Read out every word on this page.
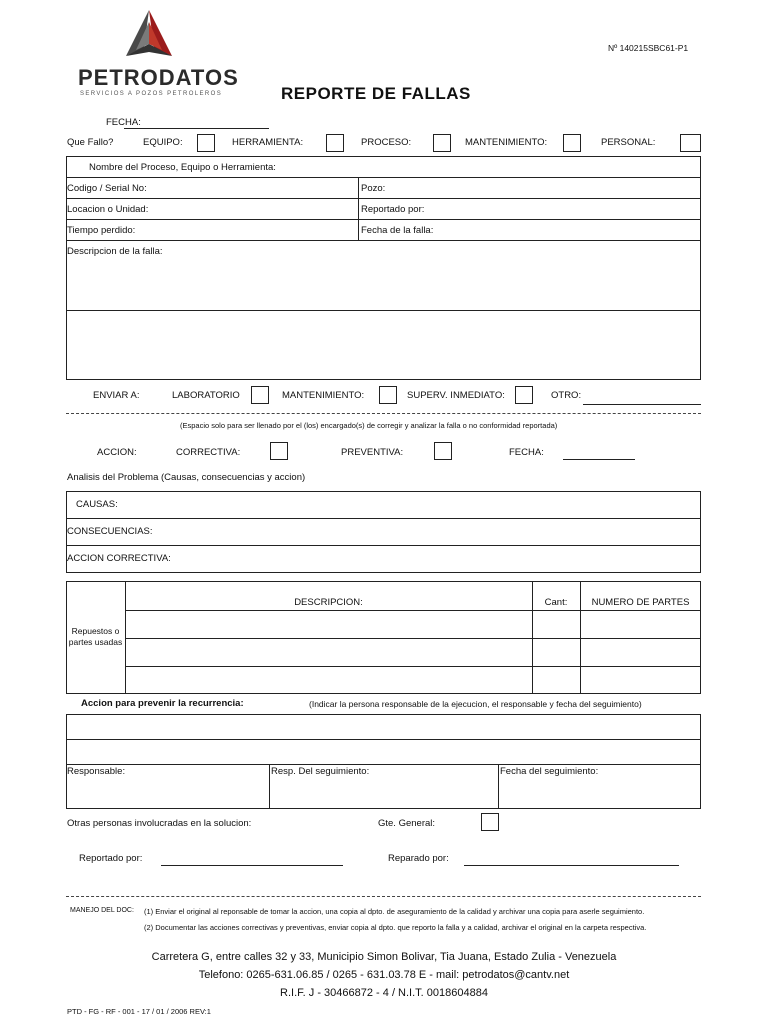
PETRODATOS
SERVICIOS A POZOS PETROLEROS
Nº 140215SBC61-P1
REPORTE DE FALLAS
FECHA:
Que Fallo?	EQUIPO:	HERRAMIENTA:	PROCESO:	MANTENIMIENTO:	PERSONAL:
Nombre del Proceso, Equipo o Herramienta:
Codigo / Serial No:	Pozo:
Locacion o Unidad:	Reportado por:
Tiempo perdido:	Fecha de la falla:
Descripcion de la falla:
ENVIAR A:	LABORATORIO	MANTENIMIENTO:	SUPERV. INMEDIATO:	OTRO:
(Espacio solo para ser llenado por el (los) encargado(s) de corregir y analizar la falla o no conformidad reportada)
ACCION:	CORRECTIVA:	PREVENTIVA:	FECHA:
Analisis del Problema (Causas, consecuencias y accion)
CAUSAS:
CONSECUENCIAS:
ACCION CORRECTIVA:
Repuestos o
partes usadas
DESCRIPCION:	Cant:	NUMERO DE PARTES
Accion para prevenir la recurrencia:	(Indicar la persona responsable de la ejecucion, el responsable y fecha del seguimiento)
Responsable:	Resp. Del seguimiento:	Fecha del seguimiento:
Otras personas involucradas en la solucion:	Gte. General:
Reportado por:	Reparado por:
MANEJO DEL DOC: (1) Enviar el original al reponsable de tomar la accion, una copia al dpto. de aseguramiento de la calidad y archivar una copia para aserle seguimiento.
(2) Documentar las acciones correctivas y preventivas, enviar copia al dpto. que reporto la falla y a calidad, archivar el original en la carpeta respectiva.
Carretera G, entre calles 32 y 33, Municipio Simon Bolivar, Tia Juana, Estado Zulia - Venezuela
Telefono: 0265-631.06.85 / 0265 - 631.03.78 E - mail: petrodatos@cantv.net
R.I.F. J - 30466872 - 4 / N.I.T. 0018604884
PTD - FG - RF - 001 - 17 / 01 / 2006 REV:1
